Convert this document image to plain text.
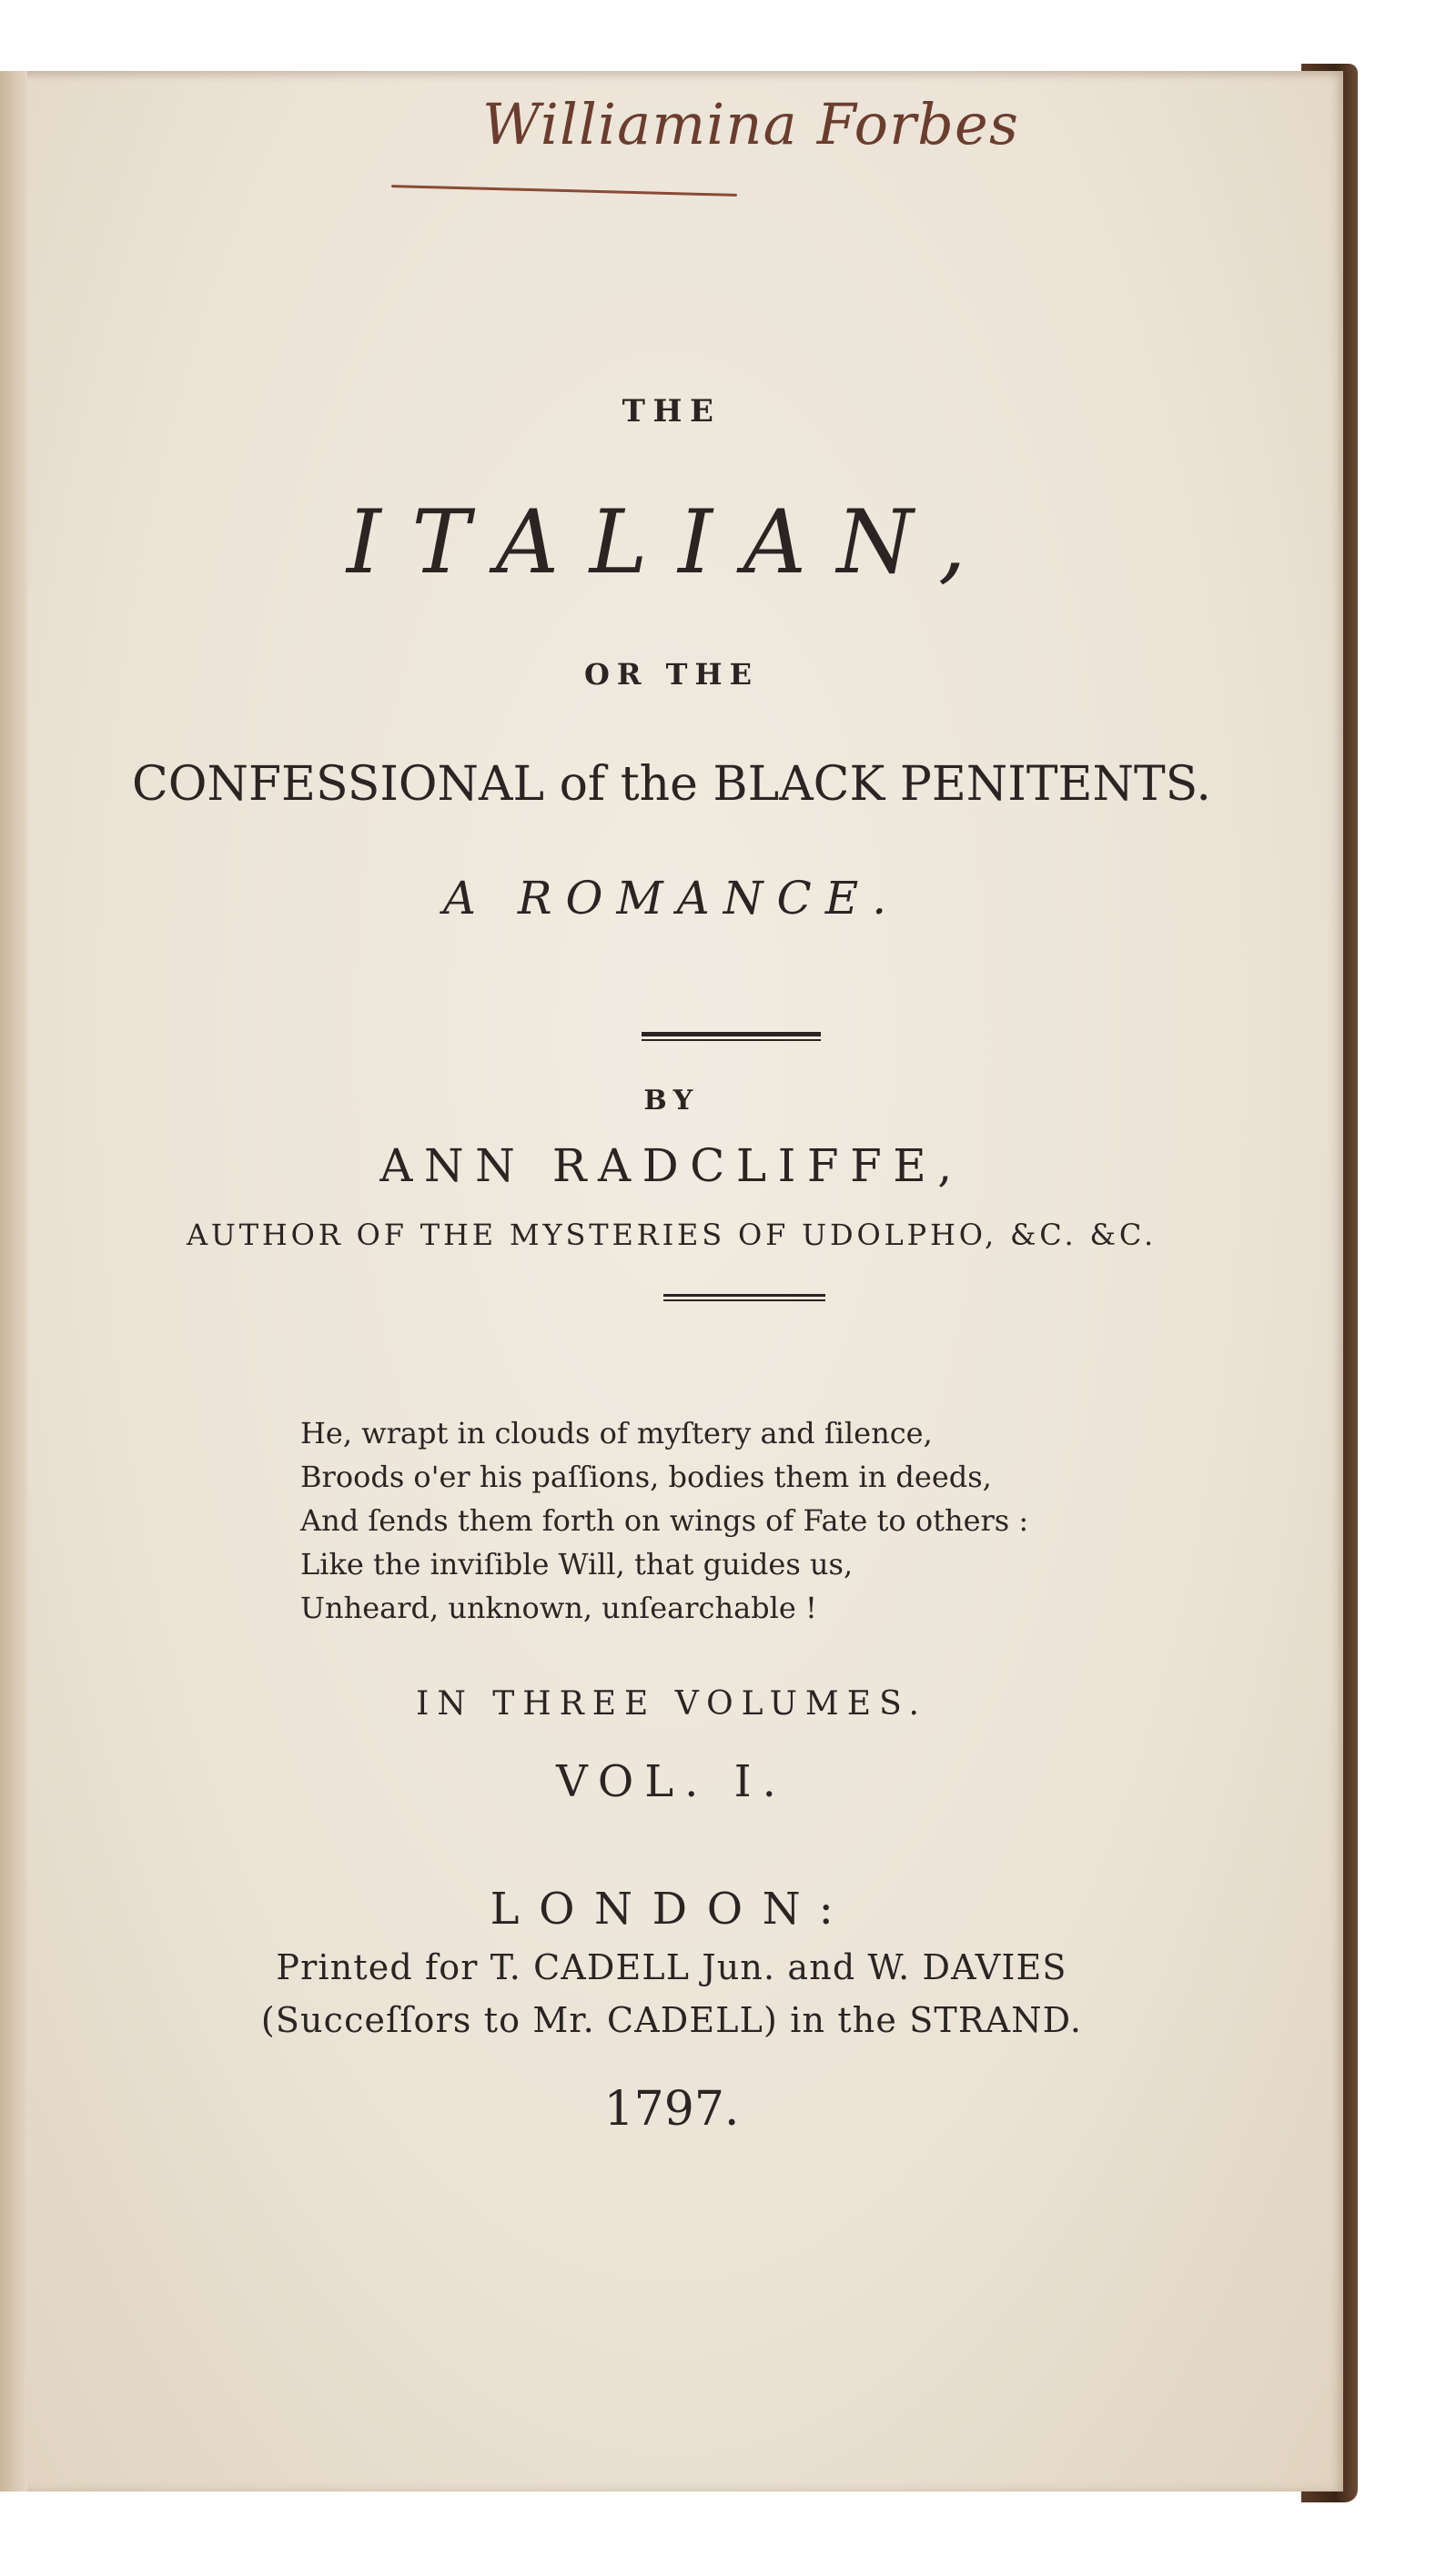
Williamina Forbes
THE
ITALIAN,
OR THE
CONFESSIONAL of the BLACK PENITENTS.
A ROMANCE.
BY
ANN RADCLIFFE,
AUTHOR OF THE MYSTERIES OF UDOLPHO, &C. &C.
He, wrapt in clouds of myſtery and ſilence,
Broods o'er his paſſions, bodies them in deeds,
And ſends them forth on wings of Fate to others :
Like the inviſible Will, that guides us,
Unheard, unknown, unſearchable !
IN THREE VOLUMES.
VOL. I.
LONDON:
Printed for T. CADELL Jun. and W. DAVIES
(Succeſſors to Mr. CADELL) in the STRAND.
1797.
